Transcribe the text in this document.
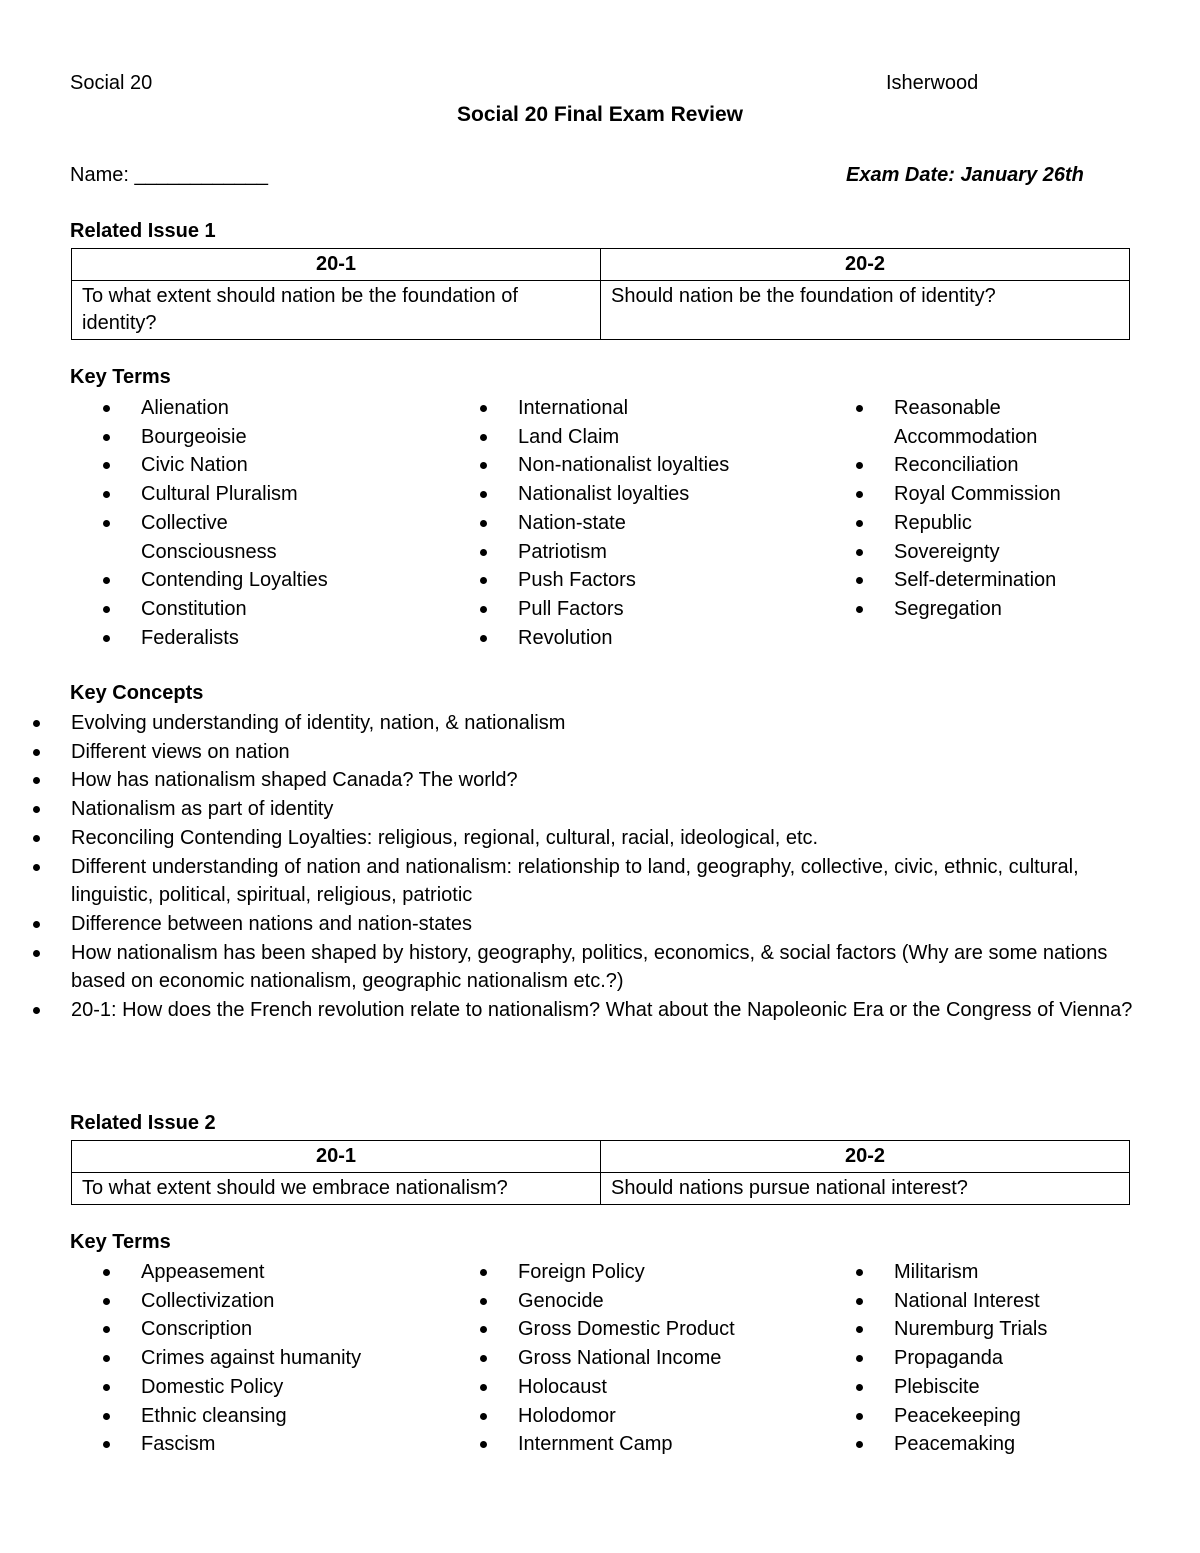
Social 20	Isherwood
Social 20 Final Exam Review
Name: ____________	Exam Date: January 26th
Related Issue 1
20-1	20-2
To what extent should nation be the foundation of identity?	Should nation be the foundation of identity?
Key Terms
Alienation
Bourgeoisie
Civic Nation
Cultural Pluralism
Collective
Consciousness
Contending Loyalties
Constitution
Federalists
International
Land Claim
Non-nationalist loyalties
Nationalist loyalties
Nation-state
Patriotism
Push Factors
Pull Factors
Revolution
Reasonable
Accommodation
Reconciliation
Royal Commission
Republic
Sovereignty
Self-determination
Segregation
Key Concepts
Evolving understanding of identity, nation, & nationalism
Different views on nation
How has nationalism shaped Canada? The world?
Nationalism as part of identity
Reconciling Contending Loyalties: religious, regional, cultural, racial, ideological, etc.
Different understanding of nation and nationalism: relationship to land, geography, collective, civic, ethnic, cultural, linguistic, political, spiritual, religious, patriotic
Difference between nations and nation-states
How nationalism has been shaped by history, geography, politics, economics, & social factors (Why are some nations based on economic nationalism, geographic nationalism etc.?)
20-1: How does the French revolution relate to nationalism? What about the Napoleonic Era or the Congress of Vienna?
Related Issue 2
20-1	20-2
To what extent should we embrace nationalism?	Should nations pursue national interest?
Key Terms
Appeasement
Collectivization
Conscription
Crimes against humanity
Domestic Policy
Ethnic cleansing
Fascism
Foreign Policy
Genocide
Gross Domestic Product
Gross National Income
Holocaust
Holodomor
Internment Camp
Militarism
National Interest
Nuremburg Trials
Propaganda
Plebiscite
Peacekeeping
Peacemaking
